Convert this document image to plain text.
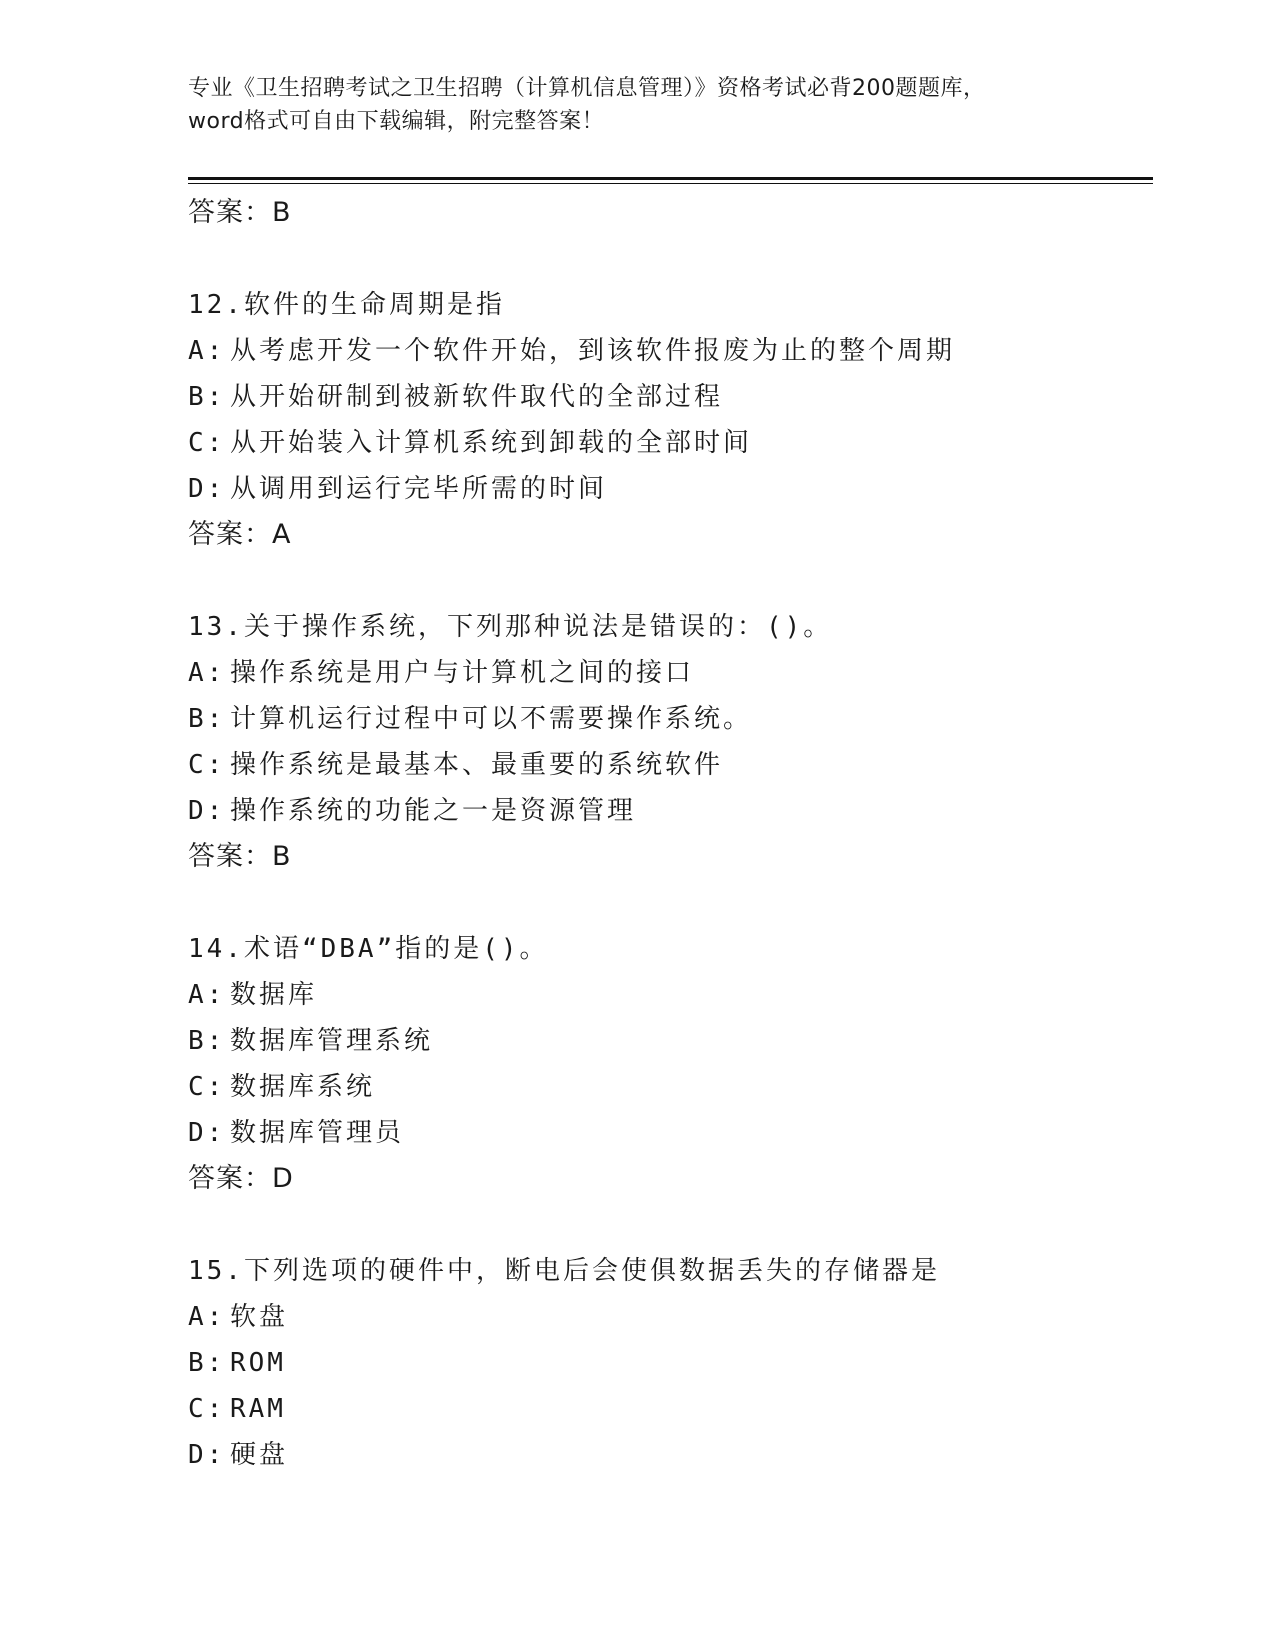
专业《卫生招聘考试之卫生招聘（计算机信息管理）》资格考试必背200题题库，
word格式可自由下载编辑，附完整答案！
答案：B
12.软件的生命周期是指
A: 从考虑开发一个软件开始，到该软件报废为止的整个周期
B: 从开始研制到被新软件取代的全部过程
C: 从开始装入计算机系统到卸载的全部时间
D: 从调用到运行完毕所需的时间
答案：A
13.关于操作系统，下列那种说法是错误的：()。
A: 操作系统是用户与计算机之间的接口
B: 计算机运行过程中可以不需要操作系统。
C: 操作系统是最基本、最重要的系统软件
D: 操作系统的功能之一是资源管理
答案：B
14.术语“DBA”指的是()。
A: 数据库
B: 数据库管理系统
C: 数据库系统
D: 数据库管理员
答案：D
15.下列选项的硬件中，断电后会使俱数据丢失的存储器是
A: 软盘
B: ROM
C: RAM
D: 硬盘
